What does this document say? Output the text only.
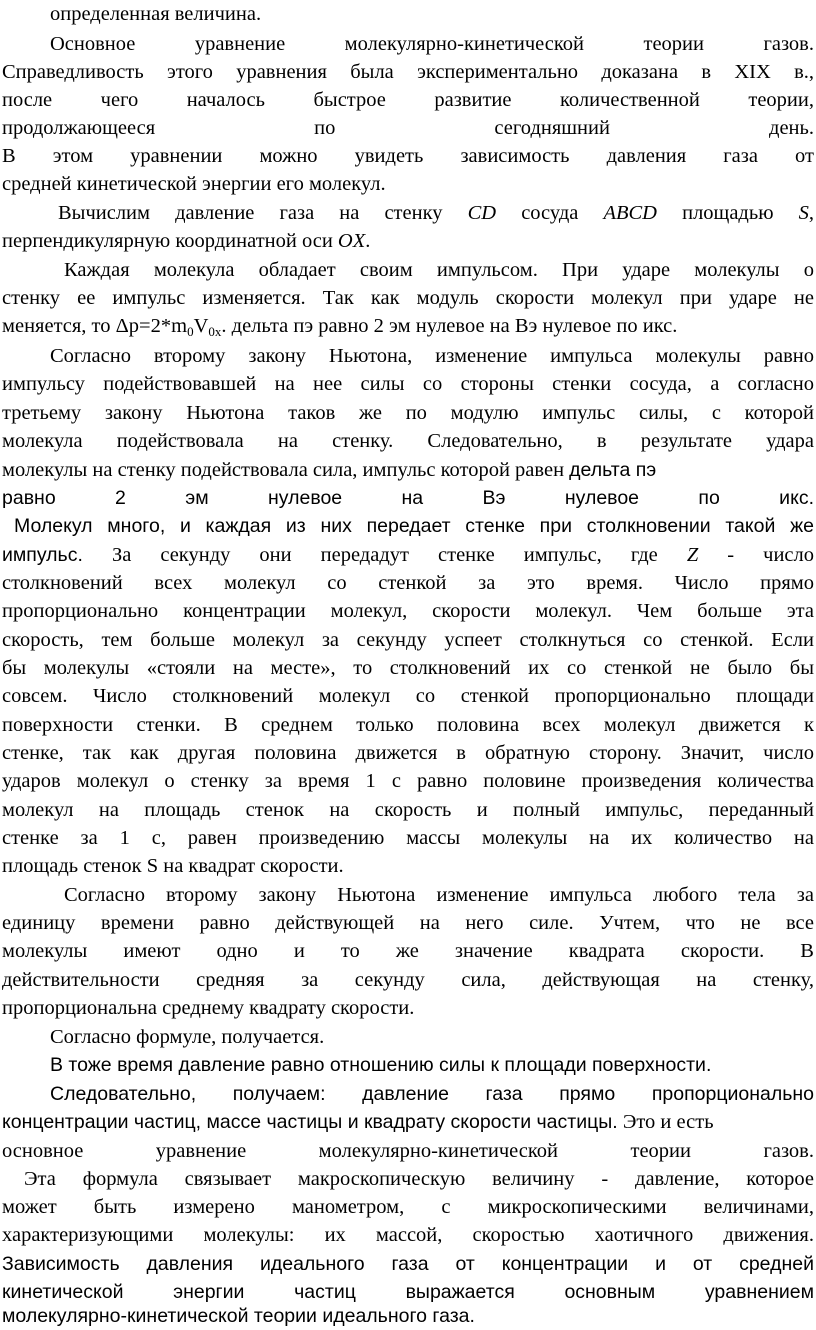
определенная величина.
Основное уравнение молекулярно-кинетической теории газов.
Справедливость этого уравнения была экспериментально доказана в XIX в.,
после чего началось быстрое развитие количественной теории,
продолжающееся по сегодняшний день.
В этом уравнении можно увидеть зависимость давления газа от
средней кинетической энергии его молекул.
Вычислим давление газа на стенку CD сосуда ABCD площадью S,
перпендикулярную координатной оси OX.
Каждая молекула обладает своим импульсом. При ударе молекулы о
стенку ее импульс изменяется. Так как модуль скорости молекул при ударе не
меняется, то $\Delta p=2*m_0V_{0x}$. дельта пэ равно 2 эм нулевое на Вэ нулевое по икс.
Согласно второму закону Ньютона, изменение импульса молекулы равно
импульсу подействовавшей на нее силы со стороны стенки сосуда, а согласно
третьему закону Ньютона таков же по модулю импульс силы, с которой
молекула подействовала на стенку. Следовательно, в результате удара
молекулы на стенку подействовала сила, импульс которой равен дельта пэ
равно 2 эм нулевое на Вэ нулевое по икс.
Молекул много, и каждая из них передает стенке при столкновении такой же
импульс. За секунду они передадут стенке импульс, где Z - число
столкновений всех молекул со стенкой за это время. Число прямо
пропорционально концентрации молекул, скорости молекул. Чем больше эта
скорость, тем больше молекул за секунду успеет столкнуться со стенкой. Если
бы молекулы «стояли на месте», то столкновений их со стенкой не было бы
совсем. Число столкновений молекул со стенкой пропорционально площади
поверхности стенки. В среднем только половина всех молекул движется к
стенке, так как другая половина движется в обратную сторону. Значит, число
ударов молекул о стенку за время 1 с равно половине произведения количества
молекул на площадь стенок на скорость и полный импульс, переданный
стенке за 1 с, равен произведению массы молекулы на их количество на
площадь стенок S на квадрат скорости.
Согласно второму закону Ньютона изменение импульса любого тела за
единицу времени равно действующей на него силе. Учтем, что не все
молекулы имеют одно и то же значение квадрата скорости. В
действительности средняя за секунду сила, действующая на стенку,
пропорциональна среднему квадрату скорости.
Согласно формуле, получается.
В тоже время давление равно отношению силы к площади поверхности.
Следовательно, получаем: давление газа прямо пропорционально
концентрации частиц, массе частицы и квадрату скорости частицы. Это и есть
основное уравнение молекулярно-кинетической теории газов.
Эта формула связывает макроскопическую величину - давление, которое
может быть измерено манометром, с микроскопическими величинами,
характеризующими молекулы: их массой, скоростью хаотичного движения.
Зависимость давления идеального газа от концентрации и от средней
кинетической энергии частиц выражается основным уравнением
молекулярно-кинетической теории идеального газа.
